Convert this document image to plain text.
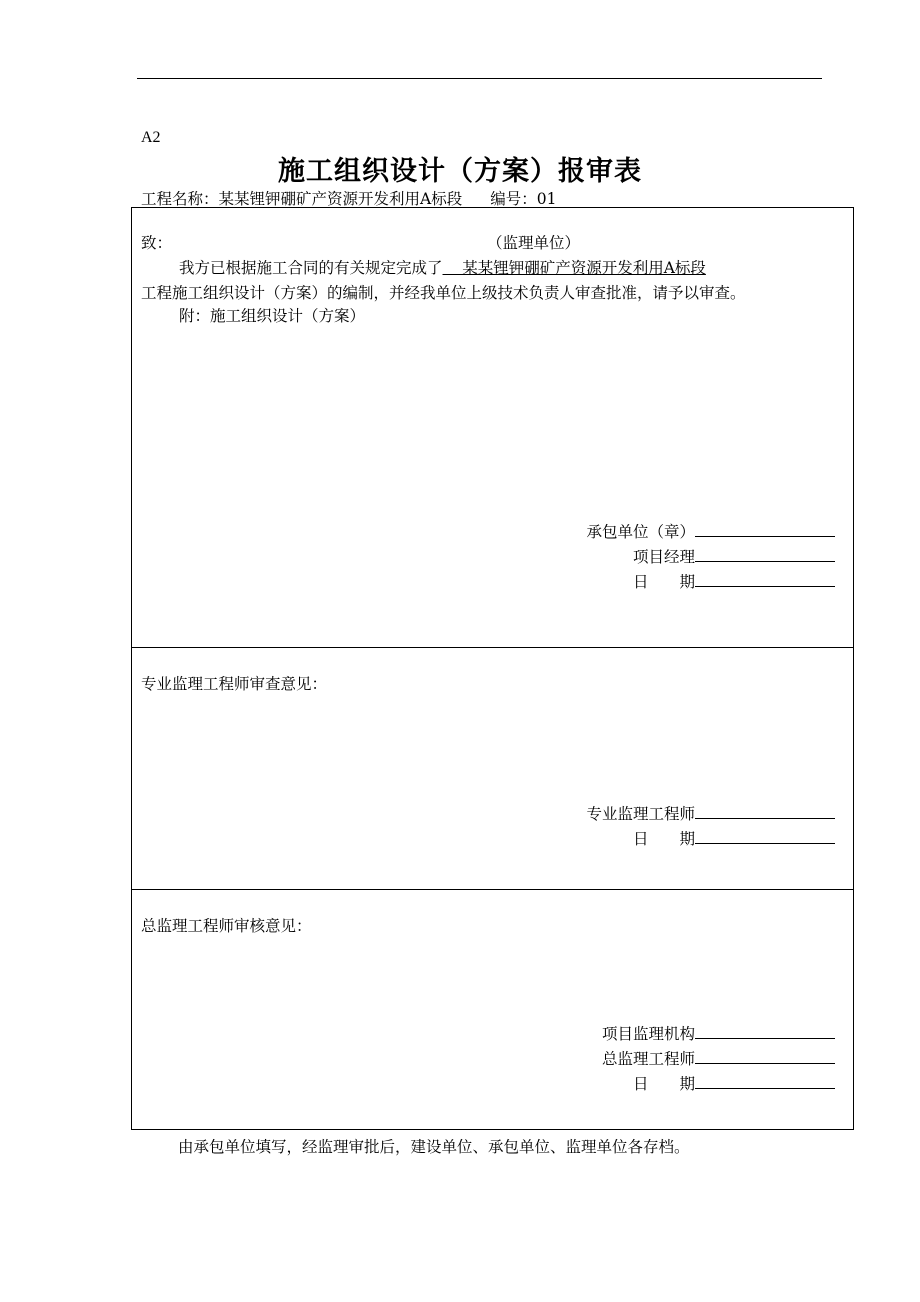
A2
施工组织设计（方案）报审表
工程名称：某某锂钾硼矿产资源开发利用A标段 编号：01
致：	（监理单位）
我方已根据施工合同的有关规定完成了    某某锂钾硼矿产资源开发利用A标段
工程施工组织设计（方案）的编制，并经我单位上级技术负责人审查批准，请予以审查。
附：施工组织设计（方案）
承包单位（章）
项目经理
日　　期
专业监理工程师审查意见：
专业监理工程师
日　　期
总监理工程师审核意见：
项目监理机构
总监理工程师
日　　期
由承包单位填写，经监理审批后，建设单位、承包单位、监理单位各存档。
